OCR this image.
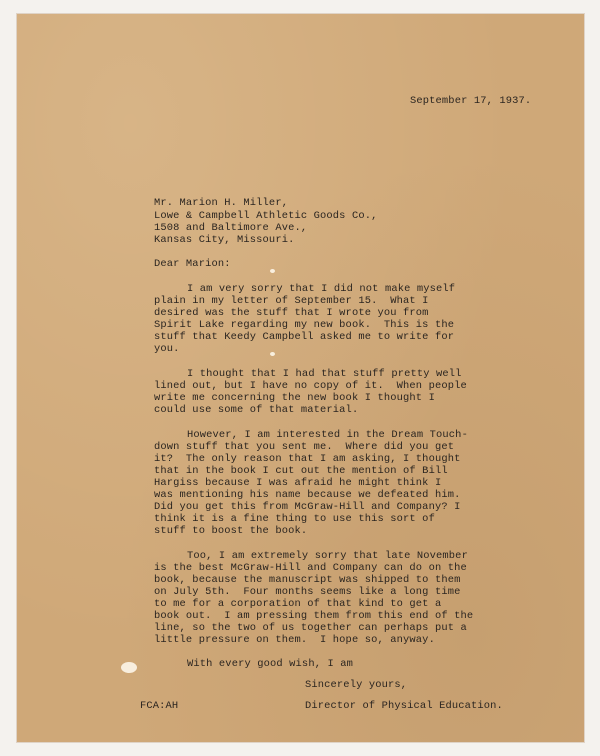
September 17, 1937.

Mr. Marion H. Miller,

Lowe & Campbell Athletic Goods Co.,

1508 and Baltimore Ave.,

Kansas City, Missouri.

Dear Marion:

I am very sorry that I did not make myself

plain in my letter of September 15.  What I

desired was the stuff that I wrote you from

Spirit Lake regarding my new book.  This is the

stuff that Keedy Campbell asked me to write for

you.

I thought that I had that stuff pretty well

lined out, but I have no copy of it.  When people

write me concerning the new book I thought I

could use some of that material.

However, I am interested in the Dream Touch-

down stuff that you sent me.  Where did you get

it?  The only reason that I am asking, I thought

that in the book I cut out the mention of Bill

Hargiss because I was afraid he might think I

was mentioning his name because we defeated him.

Did you get this from McGraw-Hill and Company? I

think it is a fine thing to use this sort of

stuff to boost the book.

Too, I am extremely sorry that late November

is the best McGraw-Hill and Company can do on the

book, because the manuscript was shipped to them

on July 5th.  Four months seems like a long time

to me for a corporation of that kind to get a

book out.  I am pressing them from this end of the

line, so the two of us together can perhaps put a

little pressure on them.  I hope so, anyway.

With every good wish, I am

Sincerely yours,

FCA:AH	Director of Physical Education.
